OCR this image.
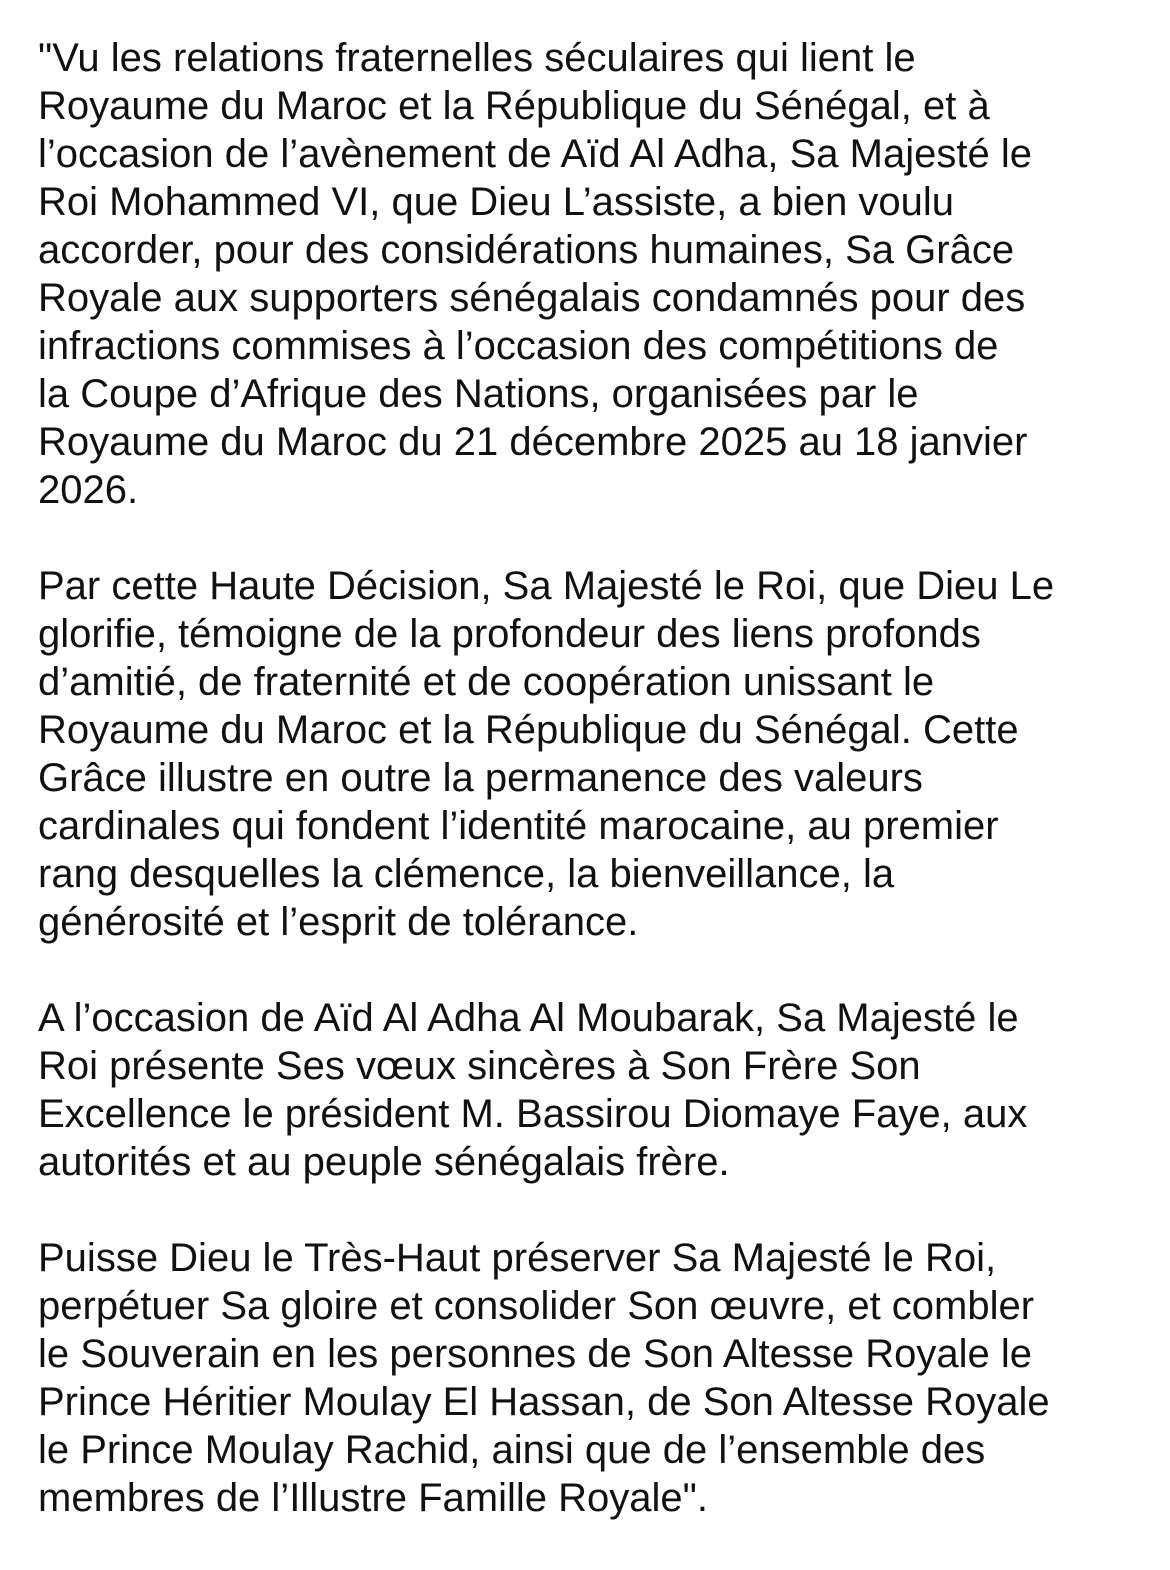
"Vu les relations fraternelles séculaires qui lient le
Royaume du Maroc et la République du Sénégal, et à
l’occasion de l’avènement de Aïd Al Adha, Sa Majesté le
Roi Mohammed VI, que Dieu L’assiste, a bien voulu
accorder, pour des considérations humaines, Sa Grâce
Royale aux supporters sénégalais condamnés pour des
infractions commises à l’occasion des compétitions de
la Coupe d’Afrique des Nations, organisées par le
Royaume du Maroc du 21 décembre 2025 au 18 janvier
2026.

Par cette Haute Décision, Sa Majesté le Roi, que Dieu Le
glorifie, témoigne de la profondeur des liens profonds
d’amitié, de fraternité et de coopération unissant le
Royaume du Maroc et la République du Sénégal. Cette
Grâce illustre en outre la permanence des valeurs
cardinales qui fondent l’identité marocaine, au premier
rang desquelles la clémence, la bienveillance, la
générosité et l’esprit de tolérance.

A l’occasion de Aïd Al Adha Al Moubarak, Sa Majesté le
Roi présente Ses vœux sincères à Son Frère Son
Excellence le président M. Bassirou Diomaye Faye, aux
autorités et au peuple sénégalais frère.

Puisse Dieu le Très-Haut préserver Sa Majesté le Roi,
perpétuer Sa gloire et consolider Son œuvre, et combler
le Souverain en les personnes de Son Altesse Royale le
Prince Héritier Moulay El Hassan, de Son Altesse Royale
le Prince Moulay Rachid, ainsi que de l’ensemble des
membres de l’Illustre Famille Royale".
